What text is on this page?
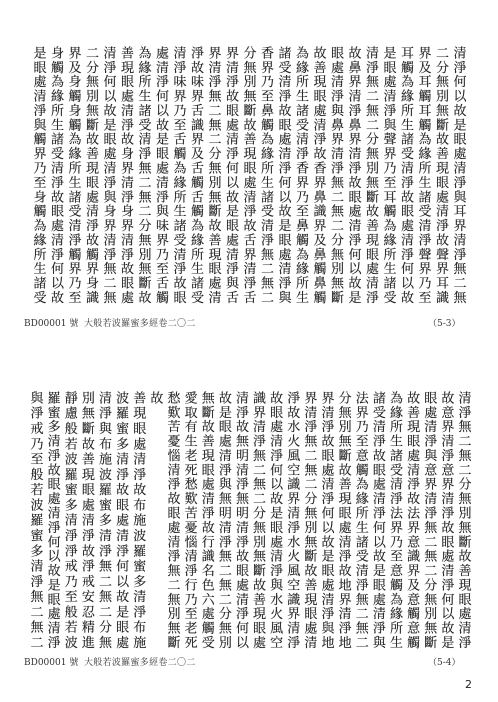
清淨何以故是眼處清淨與耳界清淨無二無
二分無別無斷故善現眼處清淨故聲界耳識
界及耳觸耳觸為緣所生諸受清淨聲界乃至
耳觸為緣所生諸受清淨故眼處清淨何以故
是眼處清淨與聲界乃至耳觸為緣所生諸受
清淨無二無二分無別無斷故善現眼處清淨
故鼻界清淨鼻界清淨故眼處清淨何以故是
眼處清淨與鼻界清淨無二無二分無別無斷
故善現眼處清淨故香界鼻識界及鼻觸鼻觸
為緣所生諸受清淨香界乃至鼻觸為緣所生
諸受清淨故眼處清淨何以故是眼處清淨與
香界乃至鼻觸為緣所生諸受清淨無二無二
分無別無斷故善現眼處清淨故舌界清淨舌
界清淨故眼處清淨何以故是眼處清淨與舌
界清淨無二無二分無別無斷故善現眼處清
淨故味界舌識界及舌觸舌觸為緣所生諸受
清淨味界乃至舌觸為緣所生諸受清淨故眼
處清淨何以故是眼處清淨與味界乃至舌觸
為緣所生諸受清淨無二無二分無別無斷故
善現眼處清淨故身界清淨身界清淨故眼處
清淨何以故是眼處清淨與身界清淨無二無
二分無別無斷故善現眼處清淨故觸界身識
界及身觸身觸為緣所生諸受清淨觸界乃至
身觸為緣所生諸受清淨故眼處清淨何以故
是眼處清淨與觸界乃至身觸為緣所生諸受
BD00001 號 大般若波羅蜜多經卷二〇二	（5-3）
清淨無二無二分無別無斷故善現眼處清淨
故意界清淨意界清淨故眼處清淨何以故是
眼處清淨與意界清淨無二無二分無別無斷
故善現眼處清淨故法界意識界及意觸意觸
為緣所生諸受清淨法界乃至意觸為緣所生
諸受清淨故眼處清淨何以故是眼處清淨與
法界乃至意觸為緣所生諸受清淨無二無二
分無別無斷故善現眼處清淨故地界清淨地
界清淨故眼處清淨何以故是眼處清淨與地
界清淨無二無二分無別無斷故善現眼處清
淨故水火風空識界清淨水火風空識界清淨
故眼處清淨何以故是眼處清淨與水火風空
識界清淨無二無二分無別無斷故善現眼處
清淨故無明清淨無明清淨故眼處清淨何以
故是眼處清淨與無明清淨無二無二分無別
無斷故善現眼處清淨故行識名色六處觸受
愛取有生老死愁歎苦憂惱清淨行乃至老死
愁歎苦憂惱清淨故眼處清淨無二無別無斷
故
善現眼處清淨故布施波羅蜜多清淨布施
波羅蜜多清淨故眼處清淨何以故是眼處
清淨與布施波羅蜜多清淨無二無二分無
別無斷故善現眼處清淨故淨戒安忍精進
靜慮般若波羅蜜多清淨淨戒乃至般若波
羅蜜多清淨故眼處清淨何以故是眼處清淨
與淨戒乃至般若波羅蜜多清淨無二無二
BD00001 號 大般若波羅蜜多經卷二〇二	（5-4）
2
